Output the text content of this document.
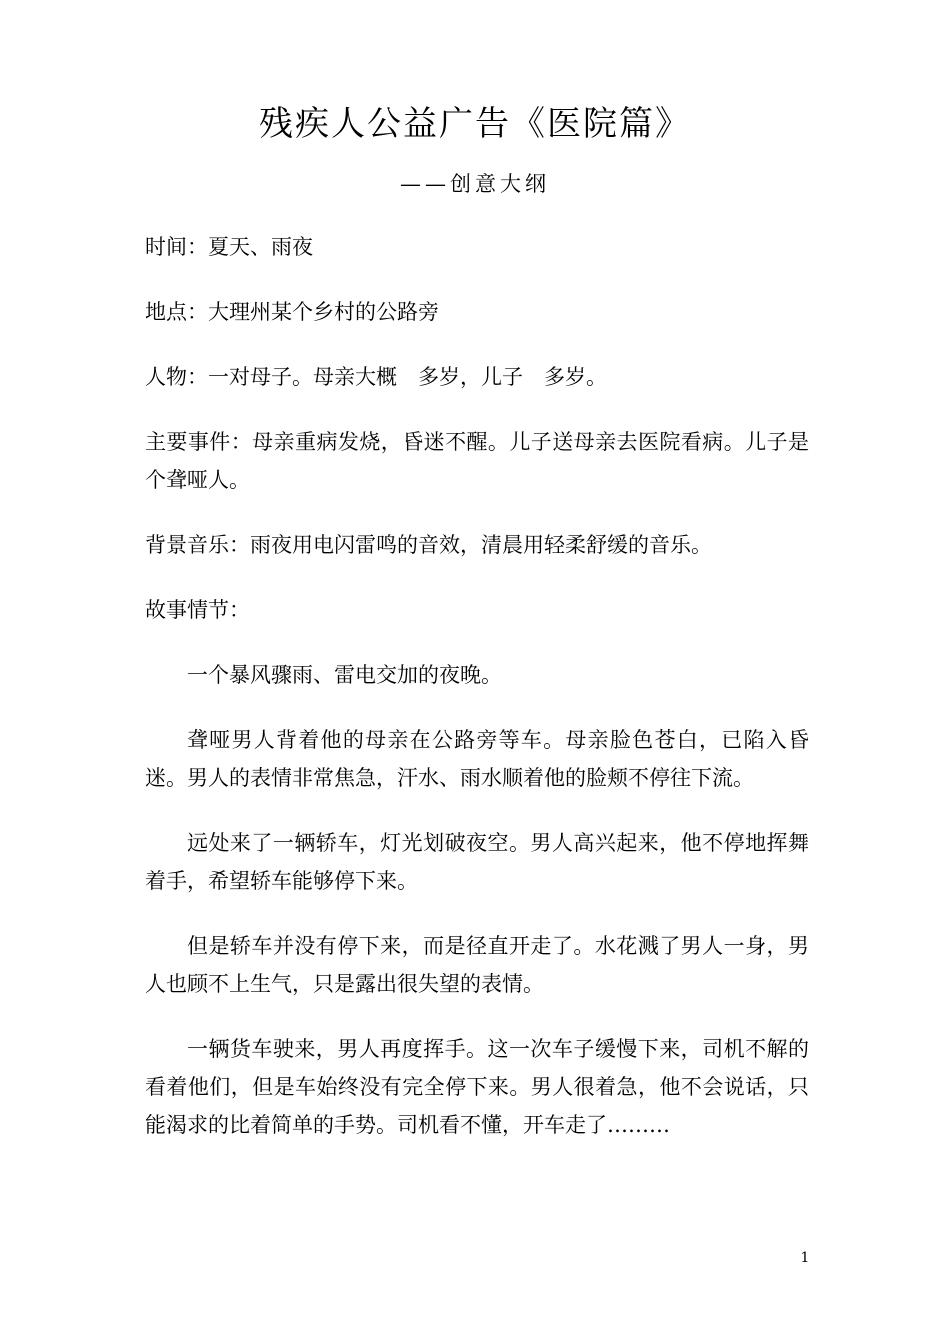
残疾人公益广告《医院篇》
——创意大纲

时间：夏天、雨夜

地点：大理州某个乡村的公路旁

人物：一对母子。母亲大概　多岁，儿子　多岁。

主要事件：母亲重病发烧，昏迷不醒。儿子送母亲去医院看病。儿子是个聋哑人。

背景音乐：雨夜用电闪雷鸣的音效，清晨用轻柔舒缓的音乐。

故事情节：

一个暴风骤雨、雷电交加的夜晚。

聋哑男人背着他的母亲在公路旁等车。母亲脸色苍白，已陷入昏迷。男人的表情非常焦急，汗水、雨水顺着他的脸颊不停往下流。

远处来了一辆轿车，灯光划破夜空。男人高兴起来，他不停地挥舞着手，希望轿车能够停下来。

但是轿车并没有停下来，而是径直开走了。水花溅了男人一身，男人也顾不上生气，只是露出很失望的表情。

一辆货车驶来，男人再度挥手。这一次车子缓慢下来，司机不解的看着他们，但是车始终没有完全停下来。男人很着急，他不会说话，只能渴求的比着简单的手势。司机看不懂，开车走了………

1
